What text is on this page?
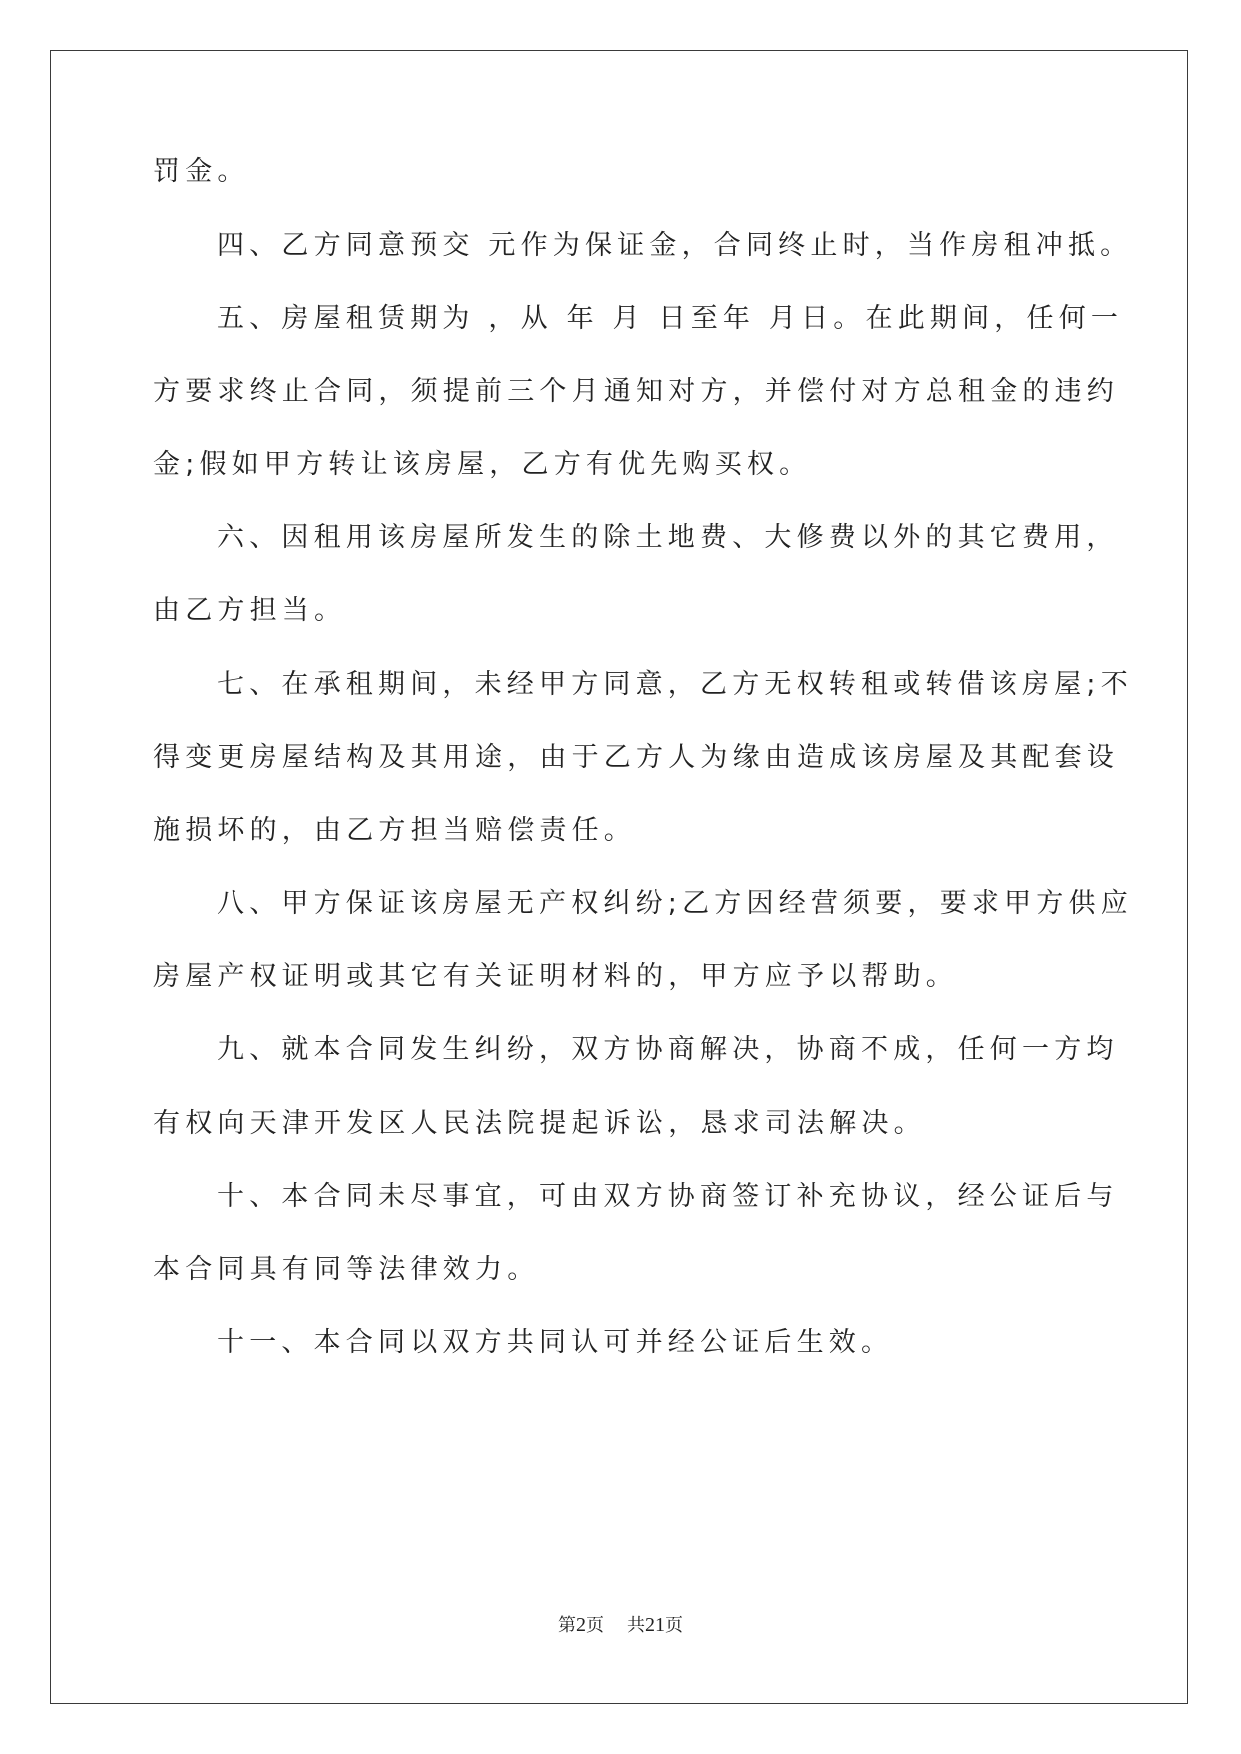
罚金。
四、乙方同意预交 元作为保证金，合同终止时，当作房租冲抵。
五、房屋租赁期为 ，从 年 月 日至年 月日。在此期间，任何一
方要求终止合同，须提前三个月通知对方，并偿付对方总租金的违约
金;假如甲方转让该房屋，乙方有优先购买权。
六、因租用该房屋所发生的除土地费、大修费以外的其它费用，
由乙方担当。
七、在承租期间，未经甲方同意，乙方无权转租或转借该房屋;不
得变更房屋结构及其用途，由于乙方人为缘由造成该房屋及其配套设
施损坏的，由乙方担当赔偿责任。
八、甲方保证该房屋无产权纠纷;乙方因经营须要，要求甲方供应
房屋产权证明或其它有关证明材料的，甲方应予以帮助。
九、就本合同发生纠纷，双方协商解决，协商不成，任何一方均
有权向天津开发区人民法院提起诉讼，恳求司法解决。
十、本合同未尽事宜，可由双方协商签订补充协议，经公证后与
本合同具有同等法律效力。
十一、本合同以双方共同认可并经公证后生效。
第2页 共21页
